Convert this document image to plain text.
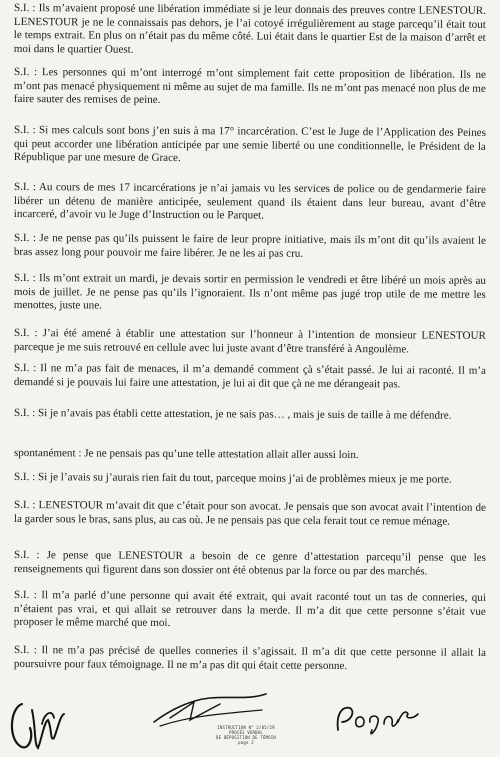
S.I. : Ils m’avaient proposé une libération immédiate si je leur donnais des preuves contre LENESTOUR. LENESTOUR je ne le connaissais pas dehors, je l’ai cotoyé irrégulièrement au stage parcequ’il était tout le temps extrait. En plus on n’était pas du même côté. Lui était dans le quartier Est de la maison d’arrêt et moi dans le quartier Ouest.

S.I. : Les personnes qui m’ont interrogé m’ont simplement fait cette proposition de libération. Ils ne m’ont pas menacé physiquement ni même au sujet de ma famille. Ils ne m’ont pas menacé non plus de me faire sauter des remises de peine.

S.I. : Si mes calculs sont bons j’en suis à ma 17° incarcération. C’est le Juge de l’Application des Peines qui peut accorder une libération anticipée par une semie liberté ou une conditionnelle, le Président de la République par une mesure de Grace.

S.I. : Au cours de mes 17 incarcérations je n’ai jamais vu les services de police ou de gendarmerie faire libérer un détenu de manière anticipée, seulement quand ils étaient dans leur bureau, avant d’être incarceré, d’avoir vu le Juge d’Instruction ou le Parquet.

S.I. : Je ne pense pas qu’ils puissent le faire de leur propre initiative, mais ils m’ont dit qu’ils avaient le bras assez long pour pouvoir me faire libérer. Je ne les ai pas cru.

S.I. : Ils m’ont extrait un mardi, je devais sortir en permission le vendredi et être libéré un mois après au mois de juillet. Je ne pense pas qu’ils l’ignoraient. Ils n’ont même pas jugé trop utile de me mettre les menottes, juste une.

S.I. : J’ai été amené à établir une attestation sur l’honneur à l’intention de monsieur LENESTOUR parceque je me suis retrouvé en cellule avec lui juste avant d’être transféré à Angoulème.

S.I. : Il ne m’a pas fait de menaces, il m’a demandé comment çà s’était passé. Je lui ai raconté. Il m’a demandé si je pouvais lui faire une attestation, je lui ai dit que çà ne me dérangeait pas.

S.I. : Si je n’avais pas établi cette attestation, je ne sais pas… , mais je suis de taille à me défendre.

spontanément : Je ne pensais pas qu’une telle attestation allait aller aussi loin.

S.I. : Si je l’avais su j’aurais rien fait du tout, parceque moins j’ai de problèmes mieux je me porte.

S.I. : LENESTOUR m’avait dit que c’était pour son avocat. Je pensais que son avocat avait l’intention de la garder sous le bras, sans plus, au cas où. Je ne pensais pas que cela ferait tout ce remue ménage.

S.I. : Je pense que LENESTOUR a besoin de ce genre d’attestation parcequ’il pense que les renseignements qui figurent dans son dossier ont été obtenus par la force ou par des marchés.

S.I. : Il m’a parlé d’une personne qui avait été extrait, qui avait raconté tout un tas de conneries, qui n’étaient pas vrai, et qui allait se retrouver dans la merde. Il m’a dit que cette personne s’était vue proposer le même marché que moi.

S.I. : Il ne m’a pas précisé de quelles conneries il s’agissait. Il m’a dit que cette personne il allait la poursuivre pour faux témoignage. Il ne m’a pas dit qui était cette personne.

INSTRUCTION N° 2/85/29
PROCÈS VERBAL
DE DÉPOSITION DE TÉMOIN
page 2
